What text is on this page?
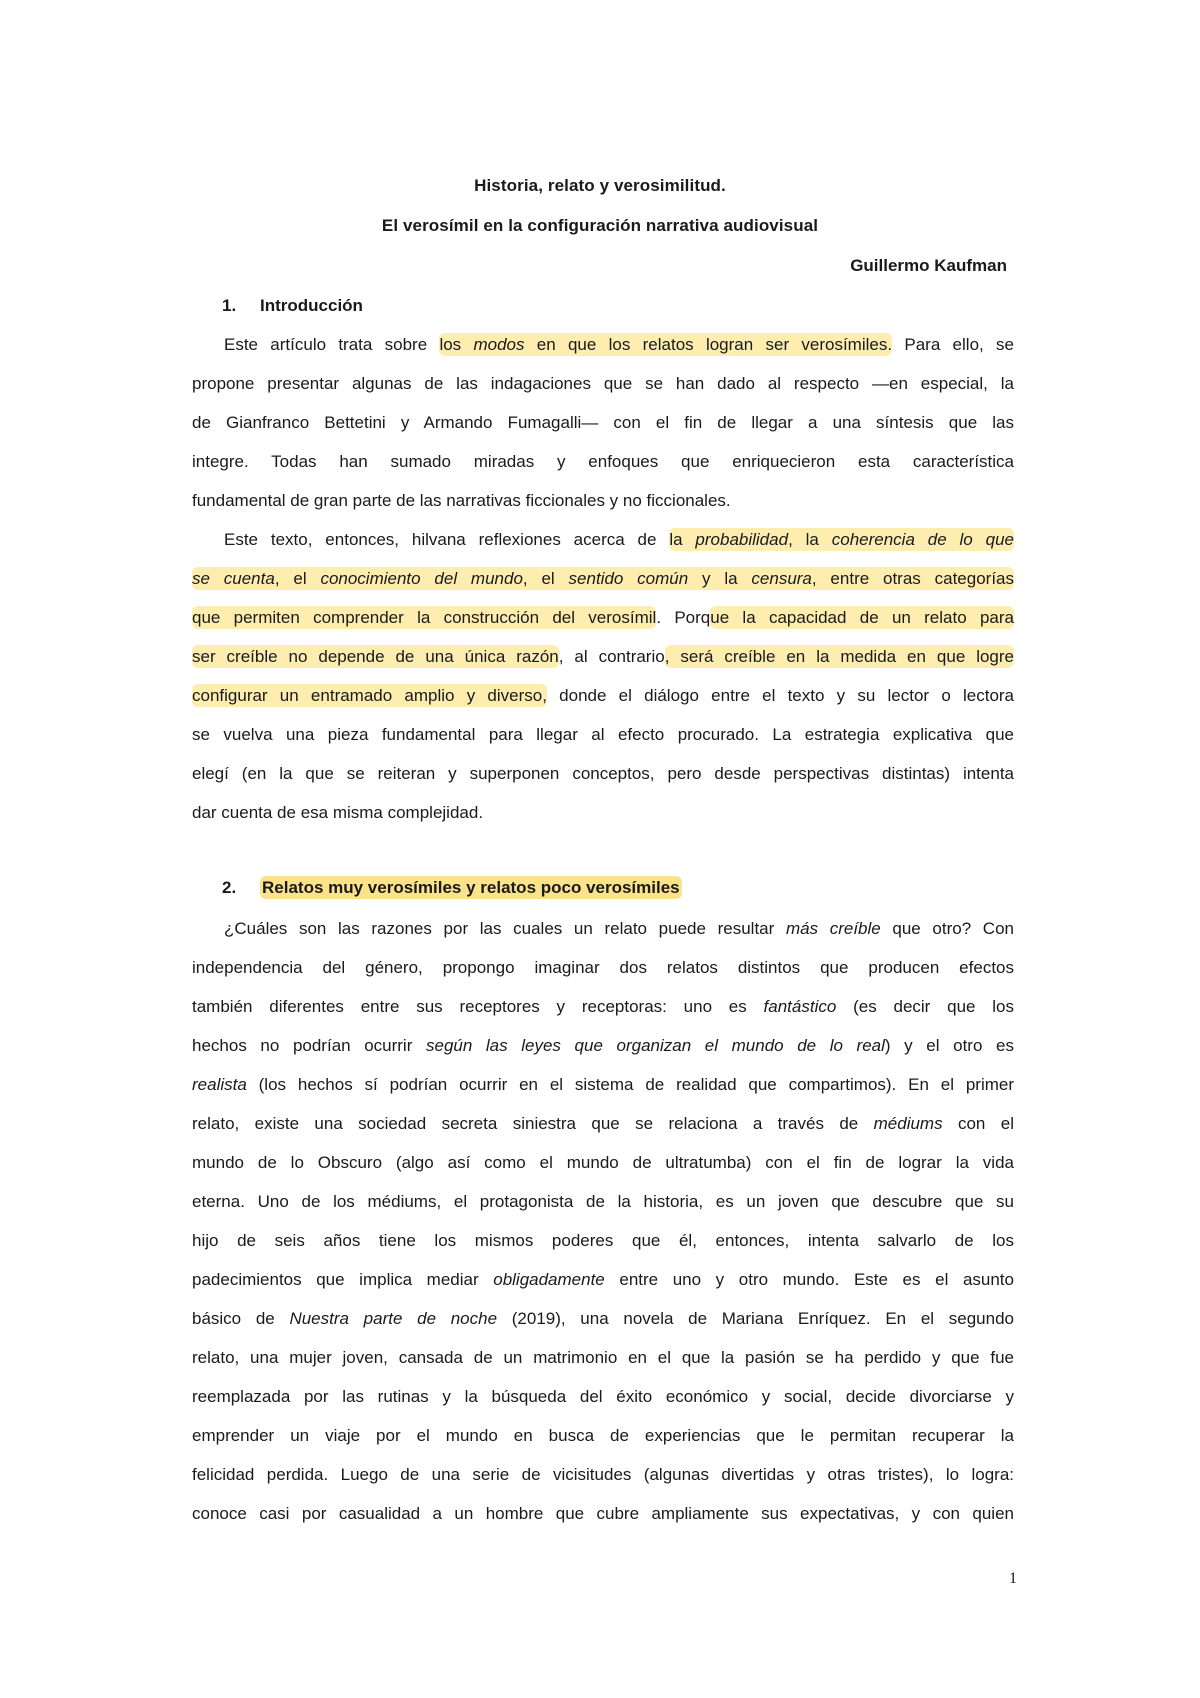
Historia, relato y verosimilitud.
El verosímil en la configuración narrativa audiovisual
Guillermo Kaufman
1. Introducción
Este artículo trata sobre los modos en que los relatos logran ser verosímiles. Para ello, se
propone presentar algunas de las indagaciones que se han dado al respecto —en especial, la
de Gianfranco Bettetini y Armando Fumagalli— con el fin de llegar a una síntesis que las
integre. Todas han sumado miradas y enfoques que enriquecieron esta característica
fundamental de gran parte de las narrativas ficcionales y no ficcionales.
Este texto, entonces, hilvana reflexiones acerca de la probabilidad, la coherencia de lo que
se cuenta, el conocimiento del mundo, el sentido común y la censura, entre otras categorías
que permiten comprender la construcción del verosímil. Porque la capacidad de un relato para
ser creíble no depende de una única razón, al contrario, será creíble en la medida en que logre
configurar un entramado amplio y diverso, donde el diálogo entre el texto y su lector o lectora
se vuelva una pieza fundamental para llegar al efecto procurado. La estrategia explicativa que
elegí (en la que se reiteran y superponen conceptos, pero desde perspectivas distintas) intenta
dar cuenta de esa misma complejidad.
2. Relatos muy verosímiles y relatos poco verosímiles
¿Cuáles son las razones por las cuales un relato puede resultar más creíble que otro? Con
independencia del género, propongo imaginar dos relatos distintos que producen efectos
también diferentes entre sus receptores y receptoras: uno es fantástico (es decir que los
hechos no podrían ocurrir según las leyes que organizan el mundo de lo real) y el otro es
realista (los hechos sí podrían ocurrir en el sistema de realidad que compartimos). En el primer
relato, existe una sociedad secreta siniestra que se relaciona a través de médiums con el
mundo de lo Obscuro (algo así como el mundo de ultratumba) con el fin de lograr la vida
eterna. Uno de los médiums, el protagonista de la historia, es un joven que descubre que su
hijo de seis años tiene los mismos poderes que él, entonces, intenta salvarlo de los
padecimientos que implica mediar obligadamente entre uno y otro mundo. Este es el asunto
básico de Nuestra parte de noche (2019), una novela de Mariana Enríquez. En el segundo
relato, una mujer joven, cansada de un matrimonio en el que la pasión se ha perdido y que fue
reemplazada por las rutinas y la búsqueda del éxito económico y social, decide divorciarse y
emprender un viaje por el mundo en busca de experiencias que le permitan recuperar la
felicidad perdida. Luego de una serie de vicisitudes (algunas divertidas y otras tristes), lo logra:
conoce casi por casualidad a un hombre que cubre ampliamente sus expectativas, y con quien
1
